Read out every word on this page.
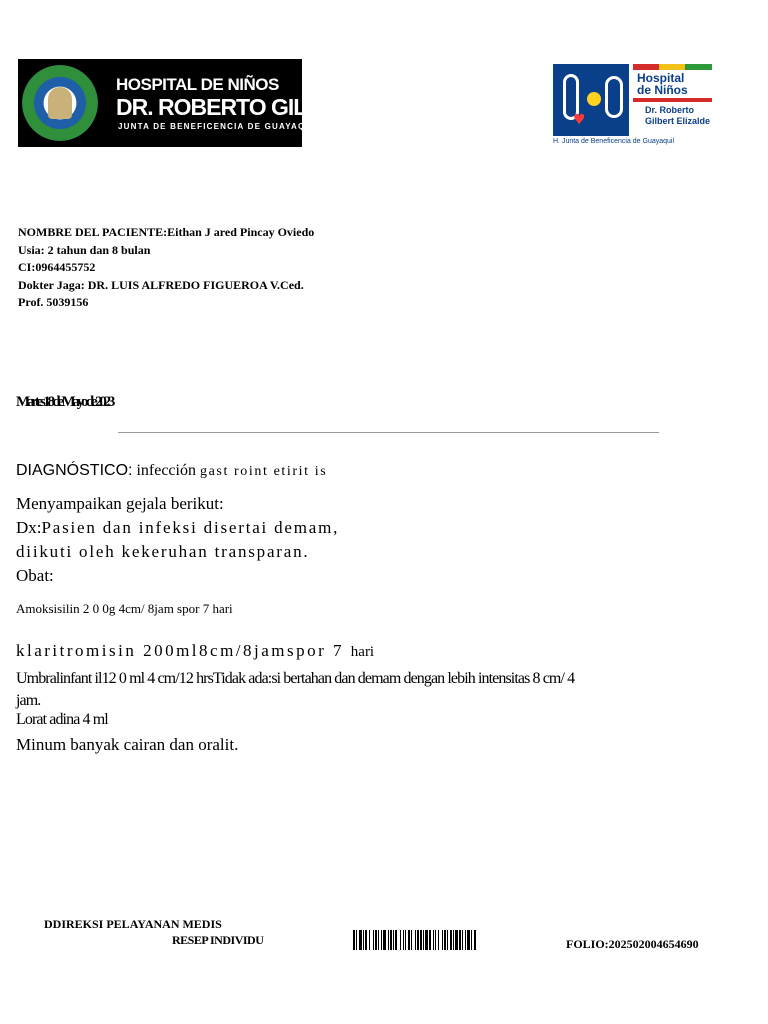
HOSPITAL DE NIÑOS
DR. ROBERTO GILBERT E.
JUNTA DE BENEFICENCIA DE GUAYAQUIL	♥
Hospital
de Niños
Dr. Roberto
Gilbert Elizalde
H. Junta de Beneficencia de Guayaquil
NOMBRE DEL PACIENTE:Eithan J ared Pincay Oviedo
Usia: 2 tahun dan 8 bulan
CI:0964455752
Dokter Jaga: DR. LUIS ALFREDO FIGUEROA V.Ced.
Prof. 5039156
Martes 18 de Mayo de 2023
DIAGNÓSTICO: infección gast roint etirit is
Menyampaikan gejala berikut:
Dx:Pasien dan infeksi disertai demam,
diikuti oleh kekeruhan transparan.
Obat:
Amoksisilin 2 0 0g 4cm/ 8jam spor 7 hari
klaritromisin 200ml8cm/8jamspor 7 hari
Umbralinfant il12 0 ml 4 cm/12 hrsTidak ada:si bertahan dan demam dengan lebih intensitas 8 cm/ 4 jam.
Lorat adina 4 ml
Minum banyak cairan dan oralit.
DDIREKSI PELAYANAN MEDIS
RESEP INDIVIDU	FOLIO:202502004654690
